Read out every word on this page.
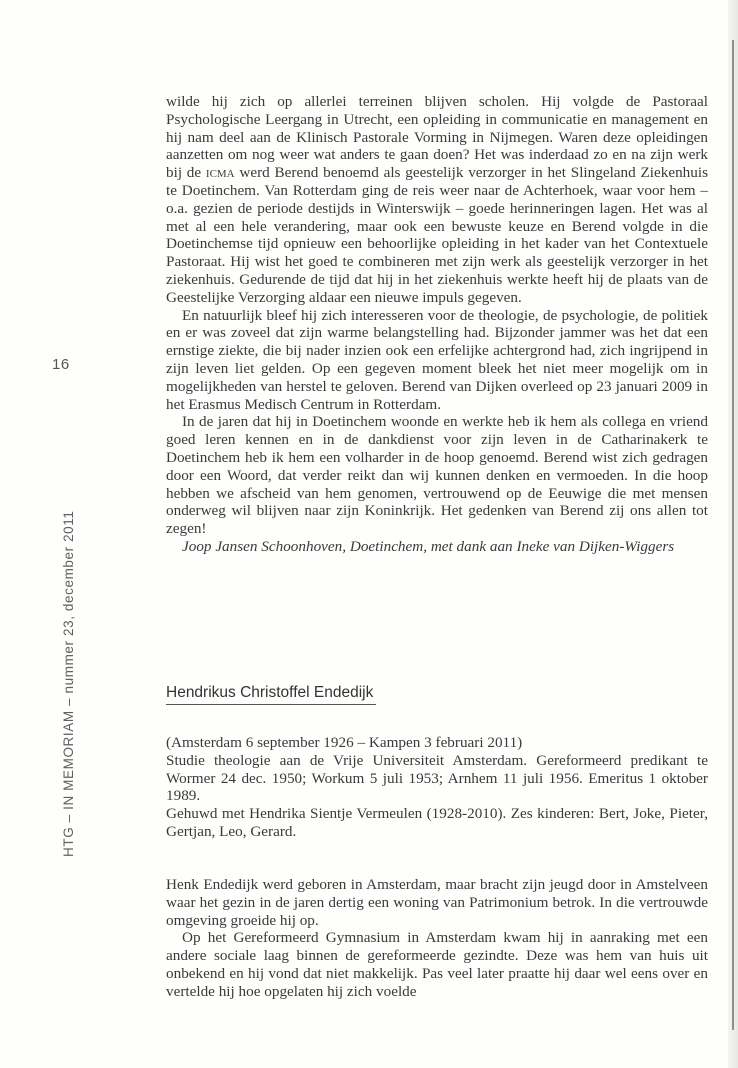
16
HTG – IN MEMORIAM – nummer 23, december 2011

wilde hij zich op allerlei terreinen blijven scholen. Hij volgde de Pastoraal Psychologische Leergang in Utrecht, een opleiding in communicatie en management en hij nam deel aan de Klinisch Pastorale Vorming in Nijmegen. Waren deze opleidingen aanzetten om nog weer wat anders te gaan doen? Het was inderdaad zo en na zijn werk bij de icma werd Berend benoemd als geestelijk verzorger in het Slingeland Ziekenhuis te Doetinchem. Van Rotterdam ging de reis weer naar de Achterhoek, waar voor hem – o.a. gezien de periode destijds in Winterswijk – goede herinneringen lagen. Het was al met al een hele verandering, maar ook een bewuste keuze en Berend volgde in die Doetinchemse tijd opnieuw een behoorlijke opleiding in het kader van het Contextuele Pastoraat. Hij wist het goed te combineren met zijn werk als geestelijk verzorger in het ziekenhuis. Gedurende de tijd dat hij in het ziekenhuis werkte heeft hij de plaats van de Geestelijke Verzorging aldaar een nieuwe impuls gegeven.

En natuurlijk bleef hij zich interesseren voor de theologie, de psychologie, de politiek en er was zoveel dat zijn warme belangstelling had. Bijzonder jammer was het dat een ernstige ziekte, die bij nader inzien ook een erfelijke achtergrond had, zich ingrijpend in zijn leven liet gelden. Op een gegeven moment bleek het niet meer mogelijk om in mogelijkheden van herstel te geloven. Berend van Dijken overleed op 23 januari 2009 in het Erasmus Medisch Centrum in Rotterdam.

In de jaren dat hij in Doetinchem woonde en werkte heb ik hem als collega en vriend goed leren kennen en in de dankdienst voor zijn leven in de Catharinakerk te Doetinchem heb ik hem een volharder in de hoop genoemd. Berend wist zich gedragen door een Woord, dat verder reikt dan wij kunnen denken en vermoeden. In die hoop hebben we afscheid van hem genomen, vertrouwend op de Eeuwige die met mensen onderweg wil blijven naar zijn Koninkrijk. Het gedenken van Berend zij ons allen tot zegen!

Joop Jansen Schoonhoven, Doetinchem, met dank aan Ineke van Dijken-Wiggers

Hendrikus Christoffel Endedijk

(Amsterdam 6 september 1926 – Kampen 3 februari 2011)

Studie theologie aan de Vrije Universiteit Amsterdam. Gereformeerd predikant te Wormer 24 dec. 1950; Workum 5 juli 1953; Arnhem 11 juli 1956. Emeritus 1 oktober 1989.

Gehuwd met Hendrika Sientje Vermeulen (1928-2010). Zes kinderen: Bert, Joke, Pieter, Gertjan, Leo, Gerard.

Henk Endedijk werd geboren in Amsterdam, maar bracht zijn jeugd door in Amstelveen waar het gezin in de jaren dertig een woning van Patrimonium betrok. In die vertrouwde omgeving groeide hij op.

Op het Gereformeerd Gymnasium in Amsterdam kwam hij in aanraking met een andere sociale laag binnen de gereformeerde gezindte. Deze was hem van huis uit onbekend en hij vond dat niet makkelijk. Pas veel later praatte hij daar wel eens over en vertelde hij hoe opgelaten hij zich voelde
